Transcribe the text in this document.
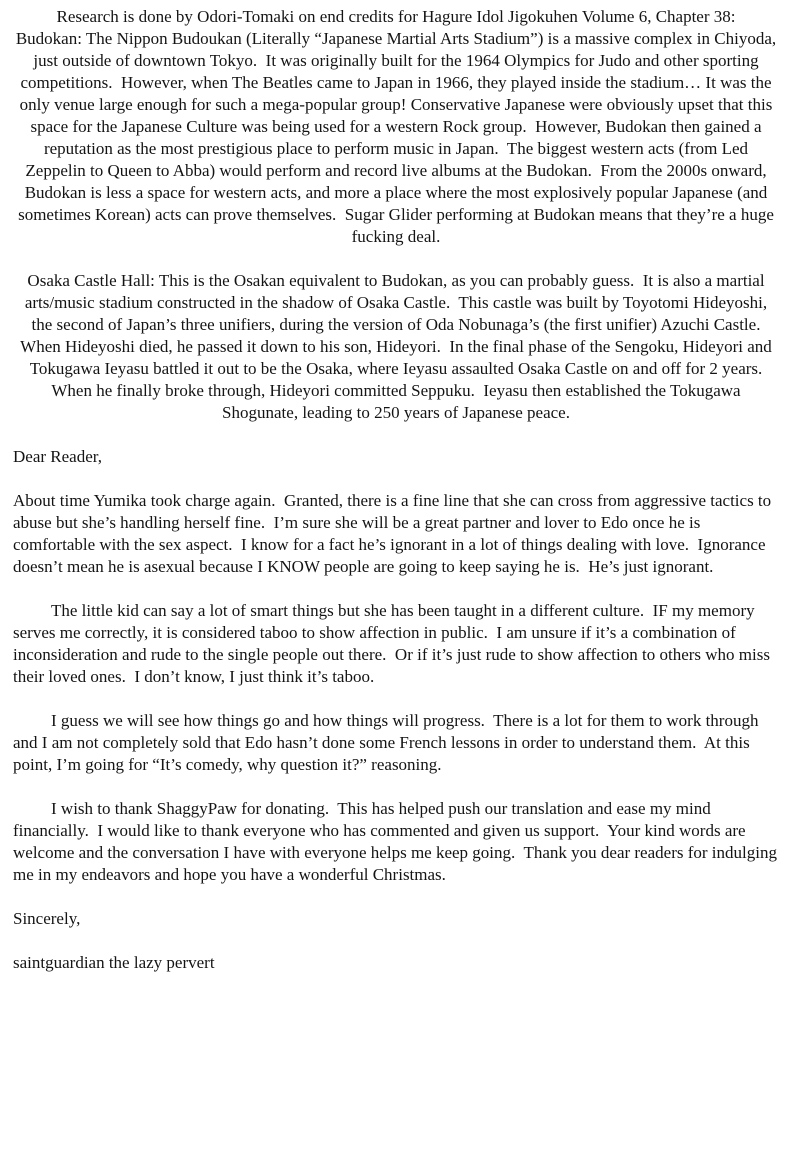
Research is done by Odori-Tomaki on end credits for Hagure Idol Jigokuhen Volume 6, Chapter 38:

Budokan: The Nippon Budoukan (Literally “Japanese Martial Arts Stadium”) is a massive complex in Chiyoda, just outside of downtown Tokyo.  It was originally built for the 1964 Olympics for Judo and other sporting competitions.  However, when The Beatles came to Japan in 1966, they played inside the stadium… It was the only venue large enough for such a mega-popular group! Conservative Japanese were obviously upset that this space for the Japanese Culture was being used for a western Rock group.  However, Budokan then gained a reputation as the most prestigious place to perform music in Japan.  The biggest western acts (from Led Zeppelin to Queen to Abba) would perform and record live albums at the Budokan.  From the 2000s onward, Budokan is less a space for western acts, and more a place where the most explosively popular Japanese (and sometimes Korean) acts can prove themselves.  Sugar Glider performing at Budokan means that they’re a huge fucking deal.

Osaka Castle Hall: This is the Osakan equivalent to Budokan, as you can probably guess.  It is also a martial arts/music stadium constructed in the shadow of Osaka Castle.  This castle was built by Toyotomi Hideyoshi, the second of Japan’s three unifiers, during the version of Oda Nobunaga’s (the first unifier) Azuchi Castle.  When Hideyoshi died, he passed it down to his son, Hideyori.  In the final phase of the Sengoku, Hideyori and Tokugawa Ieyasu battled it out to be the Osaka, where Ieyasu assaulted Osaka Castle on and off for 2 years.  When he finally broke through, Hideyori committed Seppuku.  Ieyasu then established the Tokugawa Shogunate, leading to 250 years of Japanese peace.

Dear Reader,

About time Yumika took charge again.  Granted, there is a fine line that she can cross from aggressive tactics to abuse but she’s handling herself fine.  I’m sure she will be a great partner and lover to Edo once he is comfortable with the sex aspect.  I know for a fact he’s ignorant in a lot of things dealing with love.  Ignorance doesn’t mean he is asexual because I KNOW people are going to keep saying he is.  He’s just ignorant.

The little kid can say a lot of smart things but she has been taught in a different culture.  IF my memory serves me correctly, it is considered taboo to show affection in public.  I am unsure if it’s a combination of inconsideration and rude to the single people out there.  Or if it’s just rude to show affection to others who miss their loved ones.  I don’t know, I just think it’s taboo.

I guess we will see how things go and how things will progress.  There is a lot for them to work through and I am not completely sold that Edo hasn’t done some French lessons in order to understand them.  At this point, I’m going for “It’s comedy, why question it?” reasoning.

I wish to thank ShaggyPaw for donating.  This has helped push our translation and ease my mind financially.  I would like to thank everyone who has commented and given us support.  Your kind words are welcome and the conversation I have with everyone helps me keep going.  Thank you dear readers for indulging me in my endeavors and hope you have a wonderful Christmas.

Sincerely,

saintguardian the lazy pervert
